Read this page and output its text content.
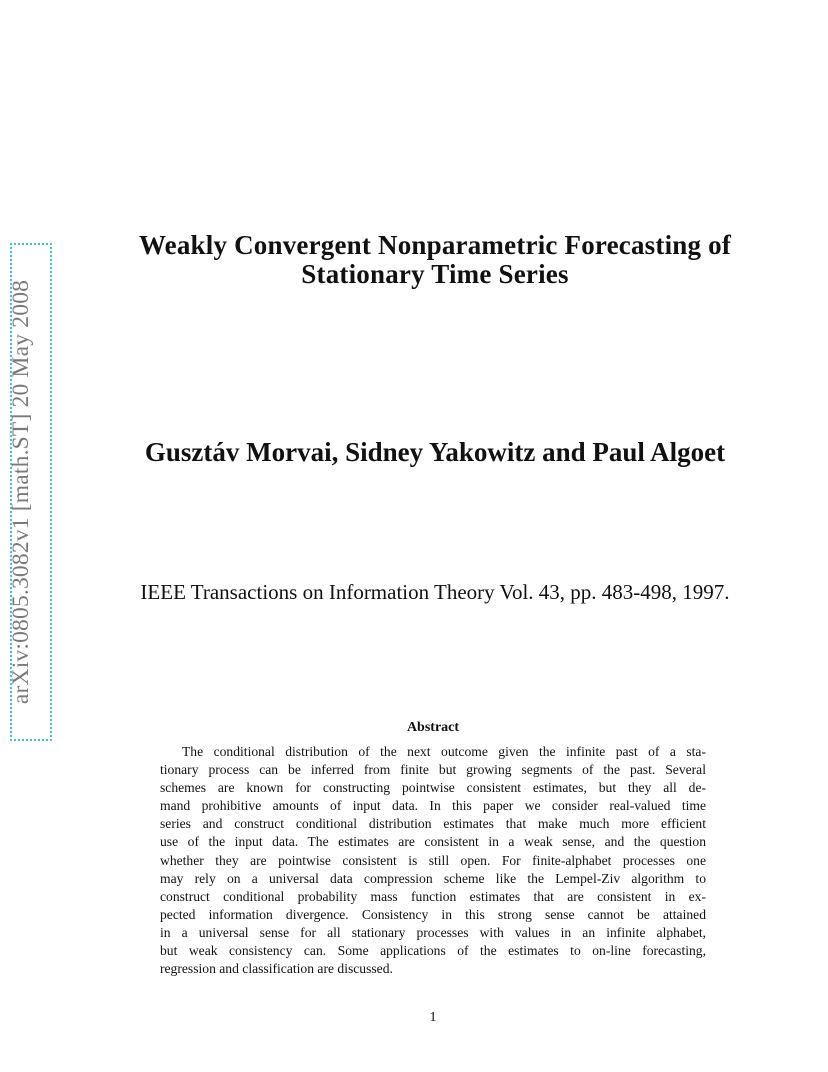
arXiv:0805.3082v1 [math.ST] 20 May 2008
Weakly Convergent Nonparametric Forecasting of
Stationary Time Series
Gusztáv Morvai, Sidney Yakowitz and Paul Algoet
IEEE Transactions on Information Theory Vol. 43, pp. 483-498, 1997.
Abstract
The conditional distribution of the next outcome given the infinite past of a sta-
tionary process can be inferred from finite but growing segments of the past. Several
schemes are known for constructing pointwise consistent estimates, but they all de-
mand prohibitive amounts of input data. In this paper we consider real-valued time
series and construct conditional distribution estimates that make much more efficient
use of the input data. The estimates are consistent in a weak sense, and the question
whether they are pointwise consistent is still open. For finite-alphabet processes one
may rely on a universal data compression scheme like the Lempel-Ziv algorithm to
construct conditional probability mass function estimates that are consistent in ex-
pected information divergence. Consistency in this strong sense cannot be attained
in a universal sense for all stationary processes with values in an infinite alphabet,
but weak consistency can. Some applications of the estimates to on-line forecasting,
regression and classification are discussed.
1
